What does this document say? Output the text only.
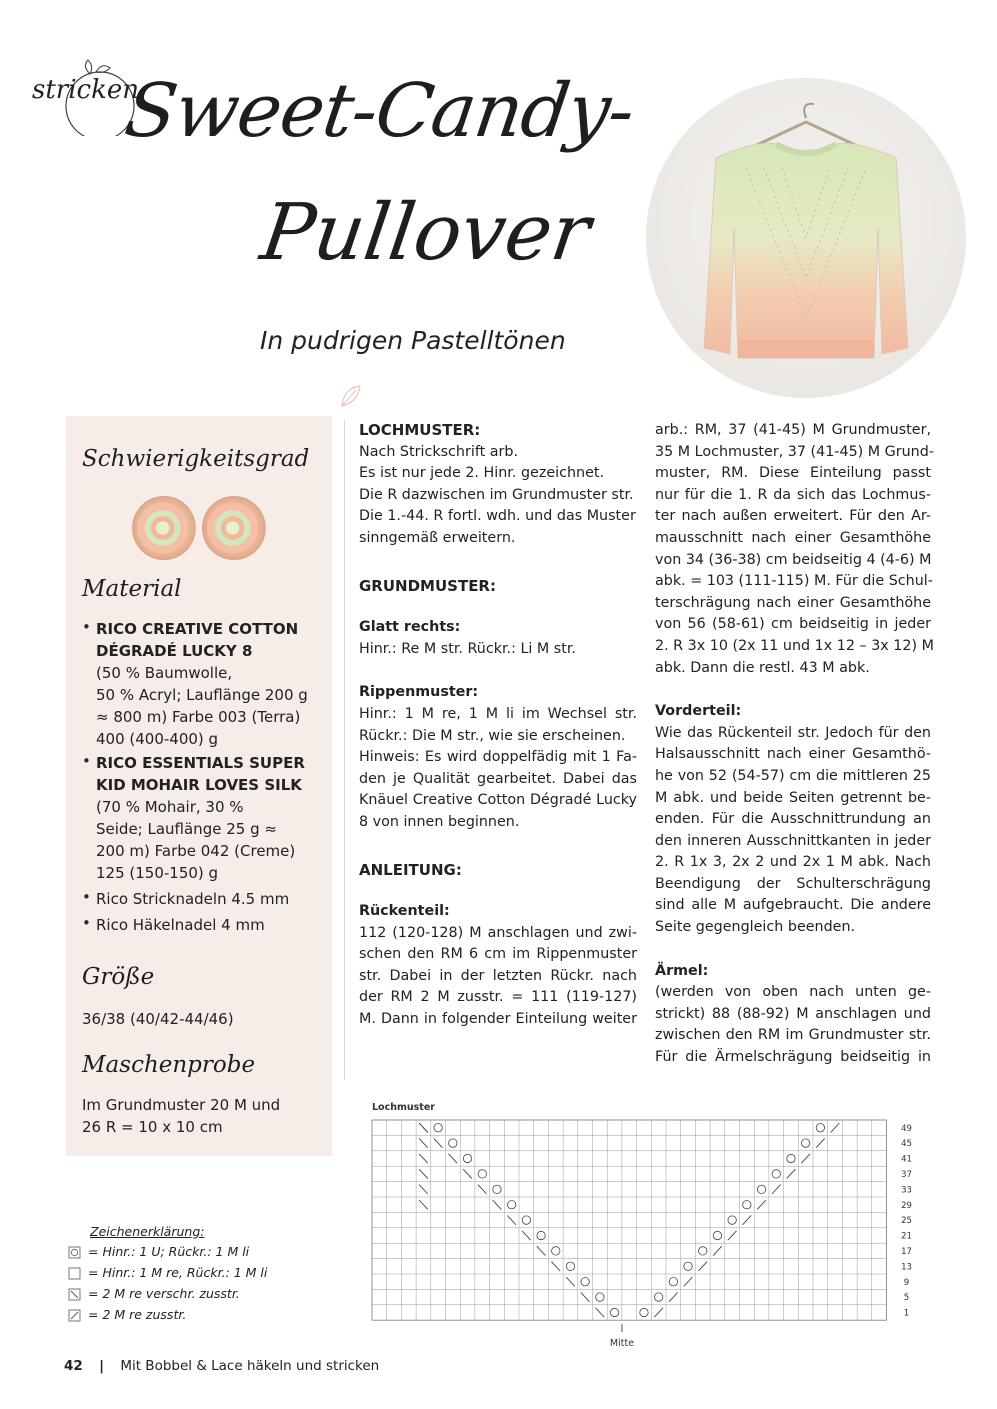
stricken
Sweet-Candy-
Pullover
In pudrigen Pastelltönen
Schwierigkeitsgrad
Material
• RICO CREATIVE COTTON
DÉGRADÉ LUCKY 8
(50 % Baumwolle,
50 % Acryl; Lauflänge 200 g
≈ 800 m) Farbe 003 (Terra)
400 (400-400) g
• RICO ESSENTIALS SUPER
KID MOHAIR LOVES SILK
(70 % Mohair, 30 %
Seide; Lauflänge 25 g ≈
200 m) Farbe 042 (Creme)
125 (150-150) g
• Rico Stricknadeln 4.5 mm
• Rico Häkelnadel 4 mm
Größe
36/38 (40/42-44/46)
Maschenprobe
Im Grundmuster 20 M und
26 R = 10 x 10 cm

LOCHMUSTER:

Nach Strickschrift arb.

Es ist nur jede 2. Hinr. gezeichnet.

Die R dazwischen im Grundmuster str.

Die 1.-44. R fortl. wdh. und das Muster

sinngemäß erweitern.

GRUNDMUSTER:

Glatt rechts:

Hinr.: Re M str. Rückr.: Li M str.

Rippenmuster:

Hinr.: 1 M re, 1 M li im Wechsel str.

Rückr.: Die M str., wie sie erscheinen.

Hinweis: Es wird doppelfädig mit 1 Fa-

den je Qualität gearbeitet. Dabei das

Knäuel Creative Cotton Dégradé Lucky

8 von innen beginnen.

ANLEITUNG:

Rückenteil:

112 (120-128) M anschlagen und zwi-

schen den RM 6 cm im Rippenmuster

str. Dabei in der letzten Rückr. nach

der RM 2 M zusstr. = 111 (119-127)

M. Dann in folgender Einteilung weiter

arb.: RM, 37 (41-45) M Grundmuster,

35 M Lochmuster, 37 (41-45) M Grund-

muster, RM. Diese Einteilung passt

nur für die 1. R da sich das Lochmus-

ter nach außen erweitert. Für den Ar-

mausschnitt nach einer Gesamthöhe

von 34 (36-38) cm beidseitig 4 (4-6) M

abk. = 103 (111-115) M. Für die Schul-

terschrägung nach einer Gesamthöhe

von 56 (58-61) cm beidseitig in jeder

2. R 3x 10 (2x 11 und 1x 12 – 3x 12) M

abk. Dann die restl. 43 M abk.

Vorderteil:

Wie das Rückenteil str. Jedoch für den

Halsausschnitt nach einer Gesamthö-

he von 52 (54-57) cm die mittleren 25

M abk. und beide Seiten getrennt be-

enden. Für die Ausschnittrundung an

den inneren Ausschnittkanten in jeder

2. R 1x 3, 2x 2 und 2x 1 M abk. Nach

Beendigung der Schulterschrägung

sind alle M aufgebraucht. Die andere

Seite gegengleich beenden.

Ärmel:

(werden von oben nach unten ge-

strickt) 88 (88-92) M anschlagen und

zwischen den RM im Grundmuster str.

Für die Ärmelschrägung beidseitig in

Lochmuster
49
45
41
37
33
29
25
21
17
13
9
5
1
Mitte
Zeichenerklärung:
= Hinr.: 1 U; Rückr.: 1 M li
= Hinr.: 1 M re, Rückr.: 1 M li
= 2 M re verschr. zusstr.
= 2 M re zusstr.
42 | Mit Bobbel & Lace häkeln und stricken
